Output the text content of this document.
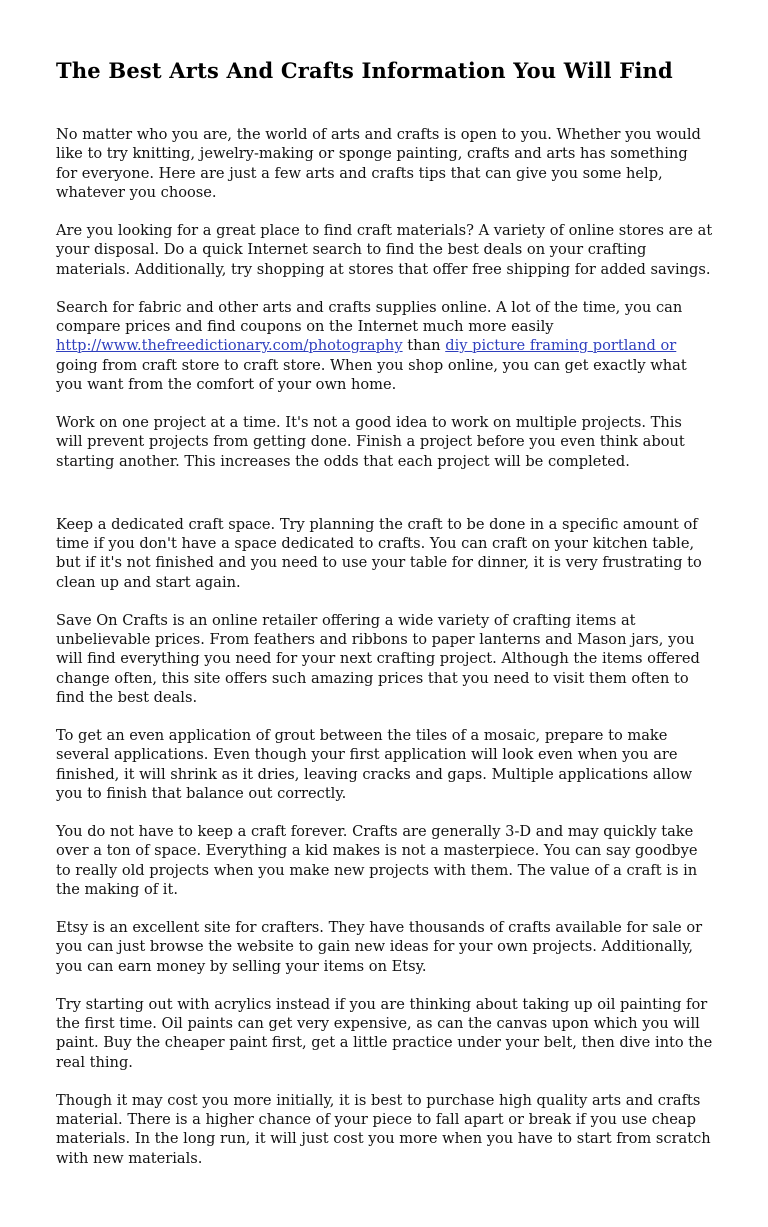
The Best Arts And Crafts Information You Will Find

No matter who you are, the world of arts and crafts is open to you. Whether you would like to try knitting, jewelry-making or sponge painting, crafts and arts has something for everyone. Here are just a few arts and crafts tips that can give you some help, whatever you choose.

Are you looking for a great place to find craft materials? A variety of online stores are at your disposal. Do a quick Internet search to find the best deals on your crafting materials. Additionally, try shopping at stores that offer free shipping for added savings.

Search for fabric and other arts and crafts supplies online. A lot of the time, you can compare prices and find coupons on the Internet much more easily http://www.thefreedictionary.com/photography than diy picture framing portland or going from craft store to craft store. When you shop online, you can get exactly what you want from the comfort of your own home.

Work on one project at a time. It's not a good idea to work on multiple projects. This will prevent projects from getting done. Finish a project before you even think about starting another. This increases the odds that each project will be completed.

Keep a dedicated craft space. Try planning the craft to be done in a specific amount of time if you don't have a space dedicated to crafts. You can craft on your kitchen table, but if it's not finished and you need to use your table for dinner, it is very frustrating to clean up and start again.

Save On Crafts is an online retailer offering a wide variety of crafting items at unbelievable prices. From feathers and ribbons to paper lanterns and Mason jars, you will find everything you need for your next crafting project. Although the items offered change often, this site offers such amazing prices that you need to visit them often to find the best deals.

To get an even application of grout between the tiles of a mosaic, prepare to make several applications. Even though your first application will look even when you are finished, it will shrink as it dries, leaving cracks and gaps. Multiple applications allow you to finish that balance out correctly.

You do not have to keep a craft forever. Crafts are generally 3-D and may quickly take over a ton of space. Everything a kid makes is not a masterpiece. You can say goodbye to really old projects when you make new projects with them. The value of a craft is in the making of it.

Etsy is an excellent site for crafters. They have thousands of crafts available for sale or you can just browse the website to gain new ideas for your own projects. Additionally, you can earn money by selling your items on Etsy.

Try starting out with acrylics instead if you are thinking about taking up oil painting for the first time. Oil paints can get very expensive, as can the canvas upon which you will paint. Buy the cheaper paint first, get a little practice under your belt, then dive into the real thing.

Though it may cost you more initially, it is best to purchase high quality arts and crafts material. There is a higher chance of your piece to fall apart or break if you use cheap materials. In the long run, it will just cost you more when you have to start from scratch with new materials.
